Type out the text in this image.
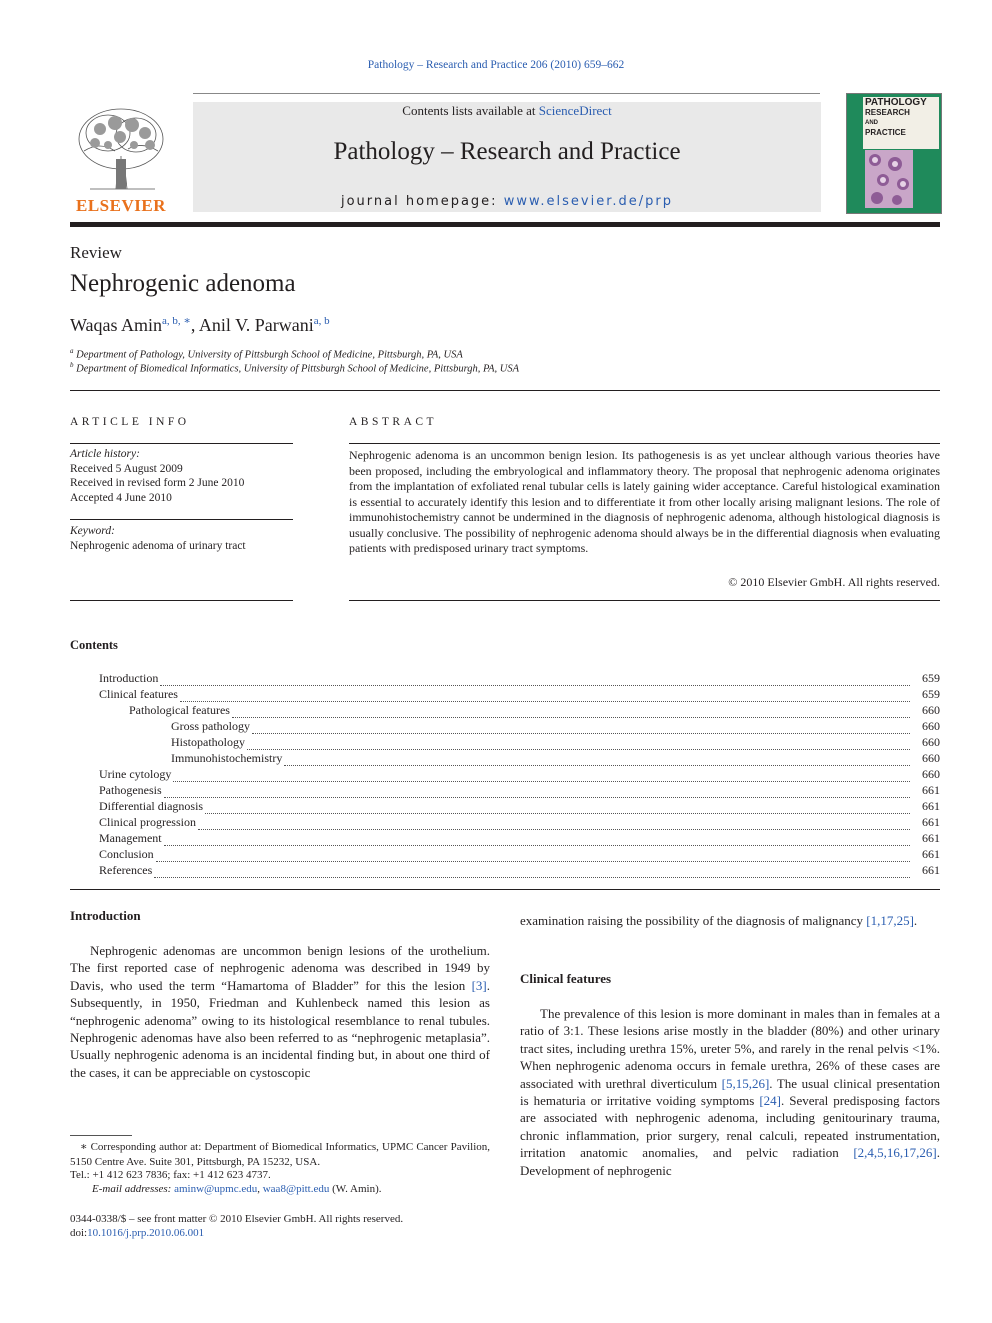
Pathology – Research and Practice 206 (2010) 659–662
ELSEVIER
Contents lists available at ScienceDirect
Pathology – Research and Practice
journal homepage: www.elsevier.de/prp
PATHOLOGY
RESEARCH
AND
PRACTICE
Review
Nephrogenic adenoma
Waqas Amin$^{a, b, ∗}$, Anil V. Parwani$^{a, b}$
$^a$ Department of Pathology, University of Pittsburgh School of Medicine, Pittsburgh, PA, USA
$^b$ Department of Biomedical Informatics, University of Pittsburgh School of Medicine, Pittsburgh, PA, USA
ARTICLE INFO
Article history:
Received 5 August 2009
Received in revised form 2 June 2010
Accepted 4 June 2010
Keyword:
Nephrogenic adenoma of urinary tract
ABSTRACT
Nephrogenic adenoma is an uncommon benign lesion. Its pathogenesis is as yet unclear although various theories have been proposed, including the embryological and inflammatory theory. The proposal that nephrogenic adenoma originates from the implantation of exfoliated renal tubular cells is lately gaining wider acceptance. Careful histological examination is essential to accurately identify this lesion and to differentiate it from other locally arising malignant lesions. The role of immunohistochemistry cannot be undermined in the diagnosis of nephrogenic adenoma, although histological diagnosis is usually conclusive. The possibility of nephrogenic adenoma should always be in the differential diagnosis when evaluating patients with predisposed urinary tract symptoms.
© 2010 Elsevier GmbH. All rights reserved.
Contents
Introduction	659
Clinical features	659
Pathological features	660
Gross pathology	660
Histopathology	660
Immunohistochemistry	660
Urine cytology	660
Pathogenesis	661
Differential diagnosis	661
Clinical progression	661
Management	661
Conclusion	661
References	661
Introduction
Nephrogenic adenomas are uncommon benign lesions of the urothelium. The first reported case of nephrogenic adenoma was described in 1949 by Davis, who used the term “Hamartoma of Bladder” for this the lesion [3]. Subsequently, in 1950, Friedman and Kuhlenbeck named this lesion as “nephrogenic adenoma” owing to its histological resemblance to renal tubules. Nephrogenic adenomas have also been referred to as “nephrogenic metaplasia”. Usually nephrogenic adenoma is an incidental finding but, in about one third of the cases, it can be appreciable on cystoscopic
∗ Corresponding author at: Department of Biomedical Informatics, UPMC Cancer Pavilion, 5150 Centre Ave. Suite 301, Pittsburgh, PA 15232, USA.
Tel.: +1 412 623 7836; fax: +1 412 623 4737.
E-mail addresses: aminw@upmc.edu, waa8@pitt.edu (W. Amin).
0344-0338/$ – see front matter © 2010 Elsevier GmbH. All rights reserved.
doi:10.1016/j.prp.2010.06.001
examination raising the possibility of the diagnosis of malignancy [1,17,25].
Clinical features
The prevalence of this lesion is more dominant in males than in females at a ratio of 3:1. These lesions arise mostly in the bladder (80%) and other urinary tract sites, including urethra 15%, ureter 5%, and rarely in the renal pelvis <1%. When nephrogenic adenoma occurs in female urethra, 26% of these cases are associated with urethral diverticulum [5,15,26]. The usual clinical presentation is hematuria or irritative voiding symptoms [24]. Several predisposing factors are associated with nephrogenic adenoma, including genitourinary trauma, chronic inflammation, prior surgery, renal calculi, repeated instrumentation, irritation anatomic anomalies, and pelvic radiation [2,4,5,16,17,26]. Development of nephrogenic
